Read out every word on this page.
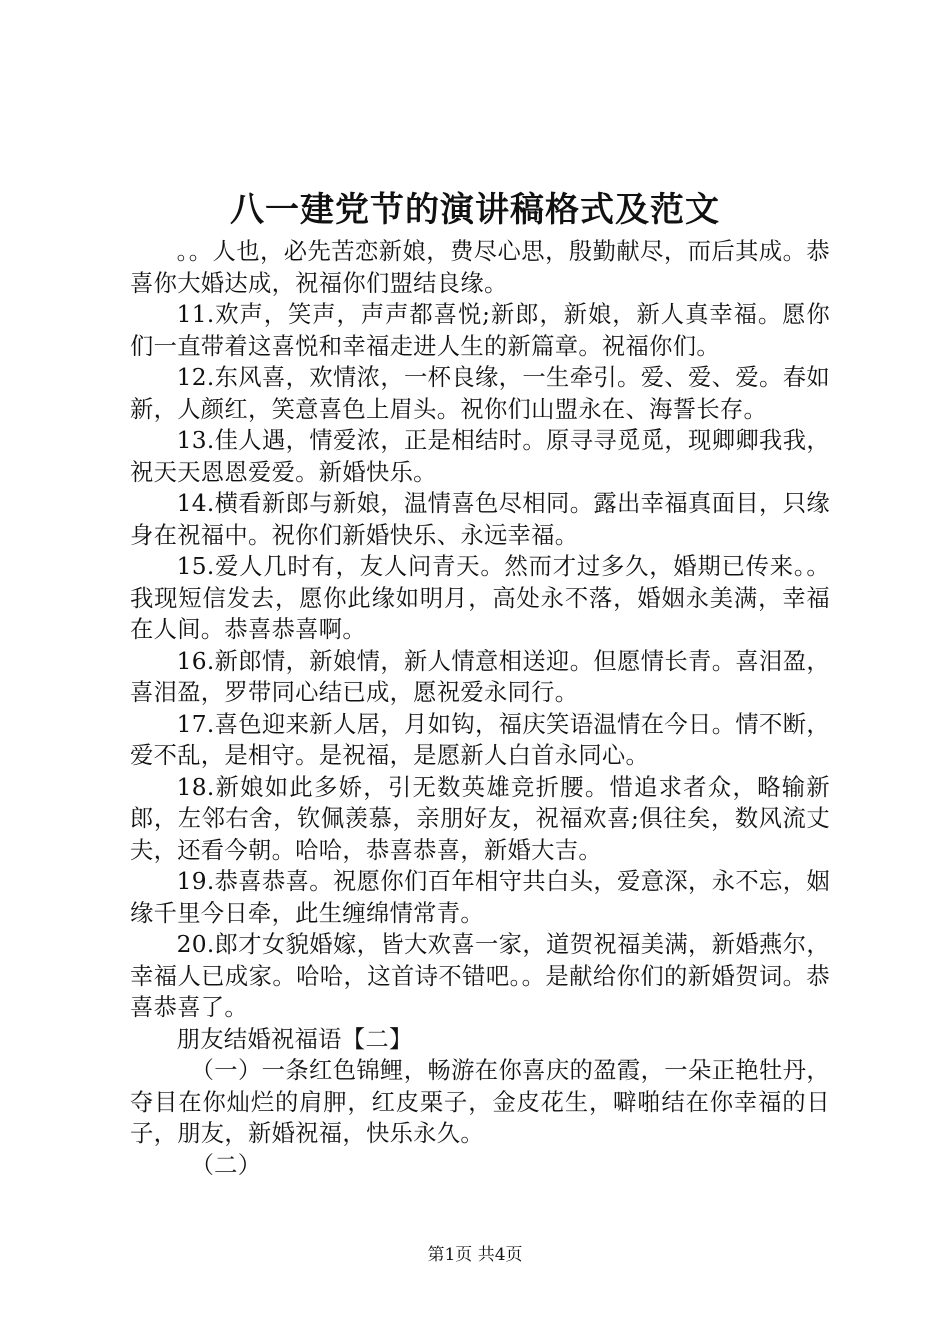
八一建党节的演讲稿格式及范文

。。人也，必先苦恋新娘，费尽心思，殷勤献尽，而后其成。恭喜你大婚达成，祝福你们盟结良缘。

11.欢声，笑声，声声都喜悦;新郎，新娘，新人真幸福。愿你们一直带着这喜悦和幸福走进人生的新篇章。祝福你们。

12.东风喜，欢情浓，一杯良缘，一生牵引。爱、爱、爱。春如新，人颜红，笑意喜色上眉头。祝你们山盟永在、海誓长存。

13.佳人遇，情爱浓，正是相结时。原寻寻觅觅，现卿卿我我，祝天天恩恩爱爱。新婚快乐。

14.横看新郎与新娘，温情喜色尽相同。露出幸福真面目，只缘身在祝福中。祝你们新婚快乐、永远幸福。

15.爱人几时有，友人问青天。然而才过多久，婚期已传来。。我现短信发去，愿你此缘如明月，高处永不落，婚姻永美满，幸福在人间。恭喜恭喜啊。

16.新郎情，新娘情，新人情意相送迎。但愿情长青。喜泪盈，喜泪盈，罗带同心结已成，愿祝爱永同行。

17.喜色迎来新人居，月如钩，福庆笑语温情在今日。情不断，爱不乱，是相守。是祝福，是愿新人白首永同心。

18.新娘如此多娇，引无数英雄竞折腰。惜追求者众，略输新郎，左邻右舍，钦佩羡慕，亲朋好友，祝福欢喜;俱往矣，数风流丈夫，还看今朝。哈哈，恭喜恭喜，新婚大吉。

19.恭喜恭喜。祝愿你们百年相守共白头，爱意深，永不忘，姻缘千里今日牵，此生缠绵情常青。

20.郎才女貌婚嫁，皆大欢喜一家，道贺祝福美满，新婚燕尔，幸福人已成家。哈哈，这首诗不错吧。。是献给你们的新婚贺词。恭喜恭喜了。

朋友结婚祝福语【二】

（一）一条红色锦鲤，畅游在你喜庆的盈霞，一朵正艳牡丹，夺目在你灿烂的肩胛，红皮栗子，金皮花生，噼啪结在你幸福的日子，朋友，新婚祝福，快乐永久。

（二）

第1页 共4页
